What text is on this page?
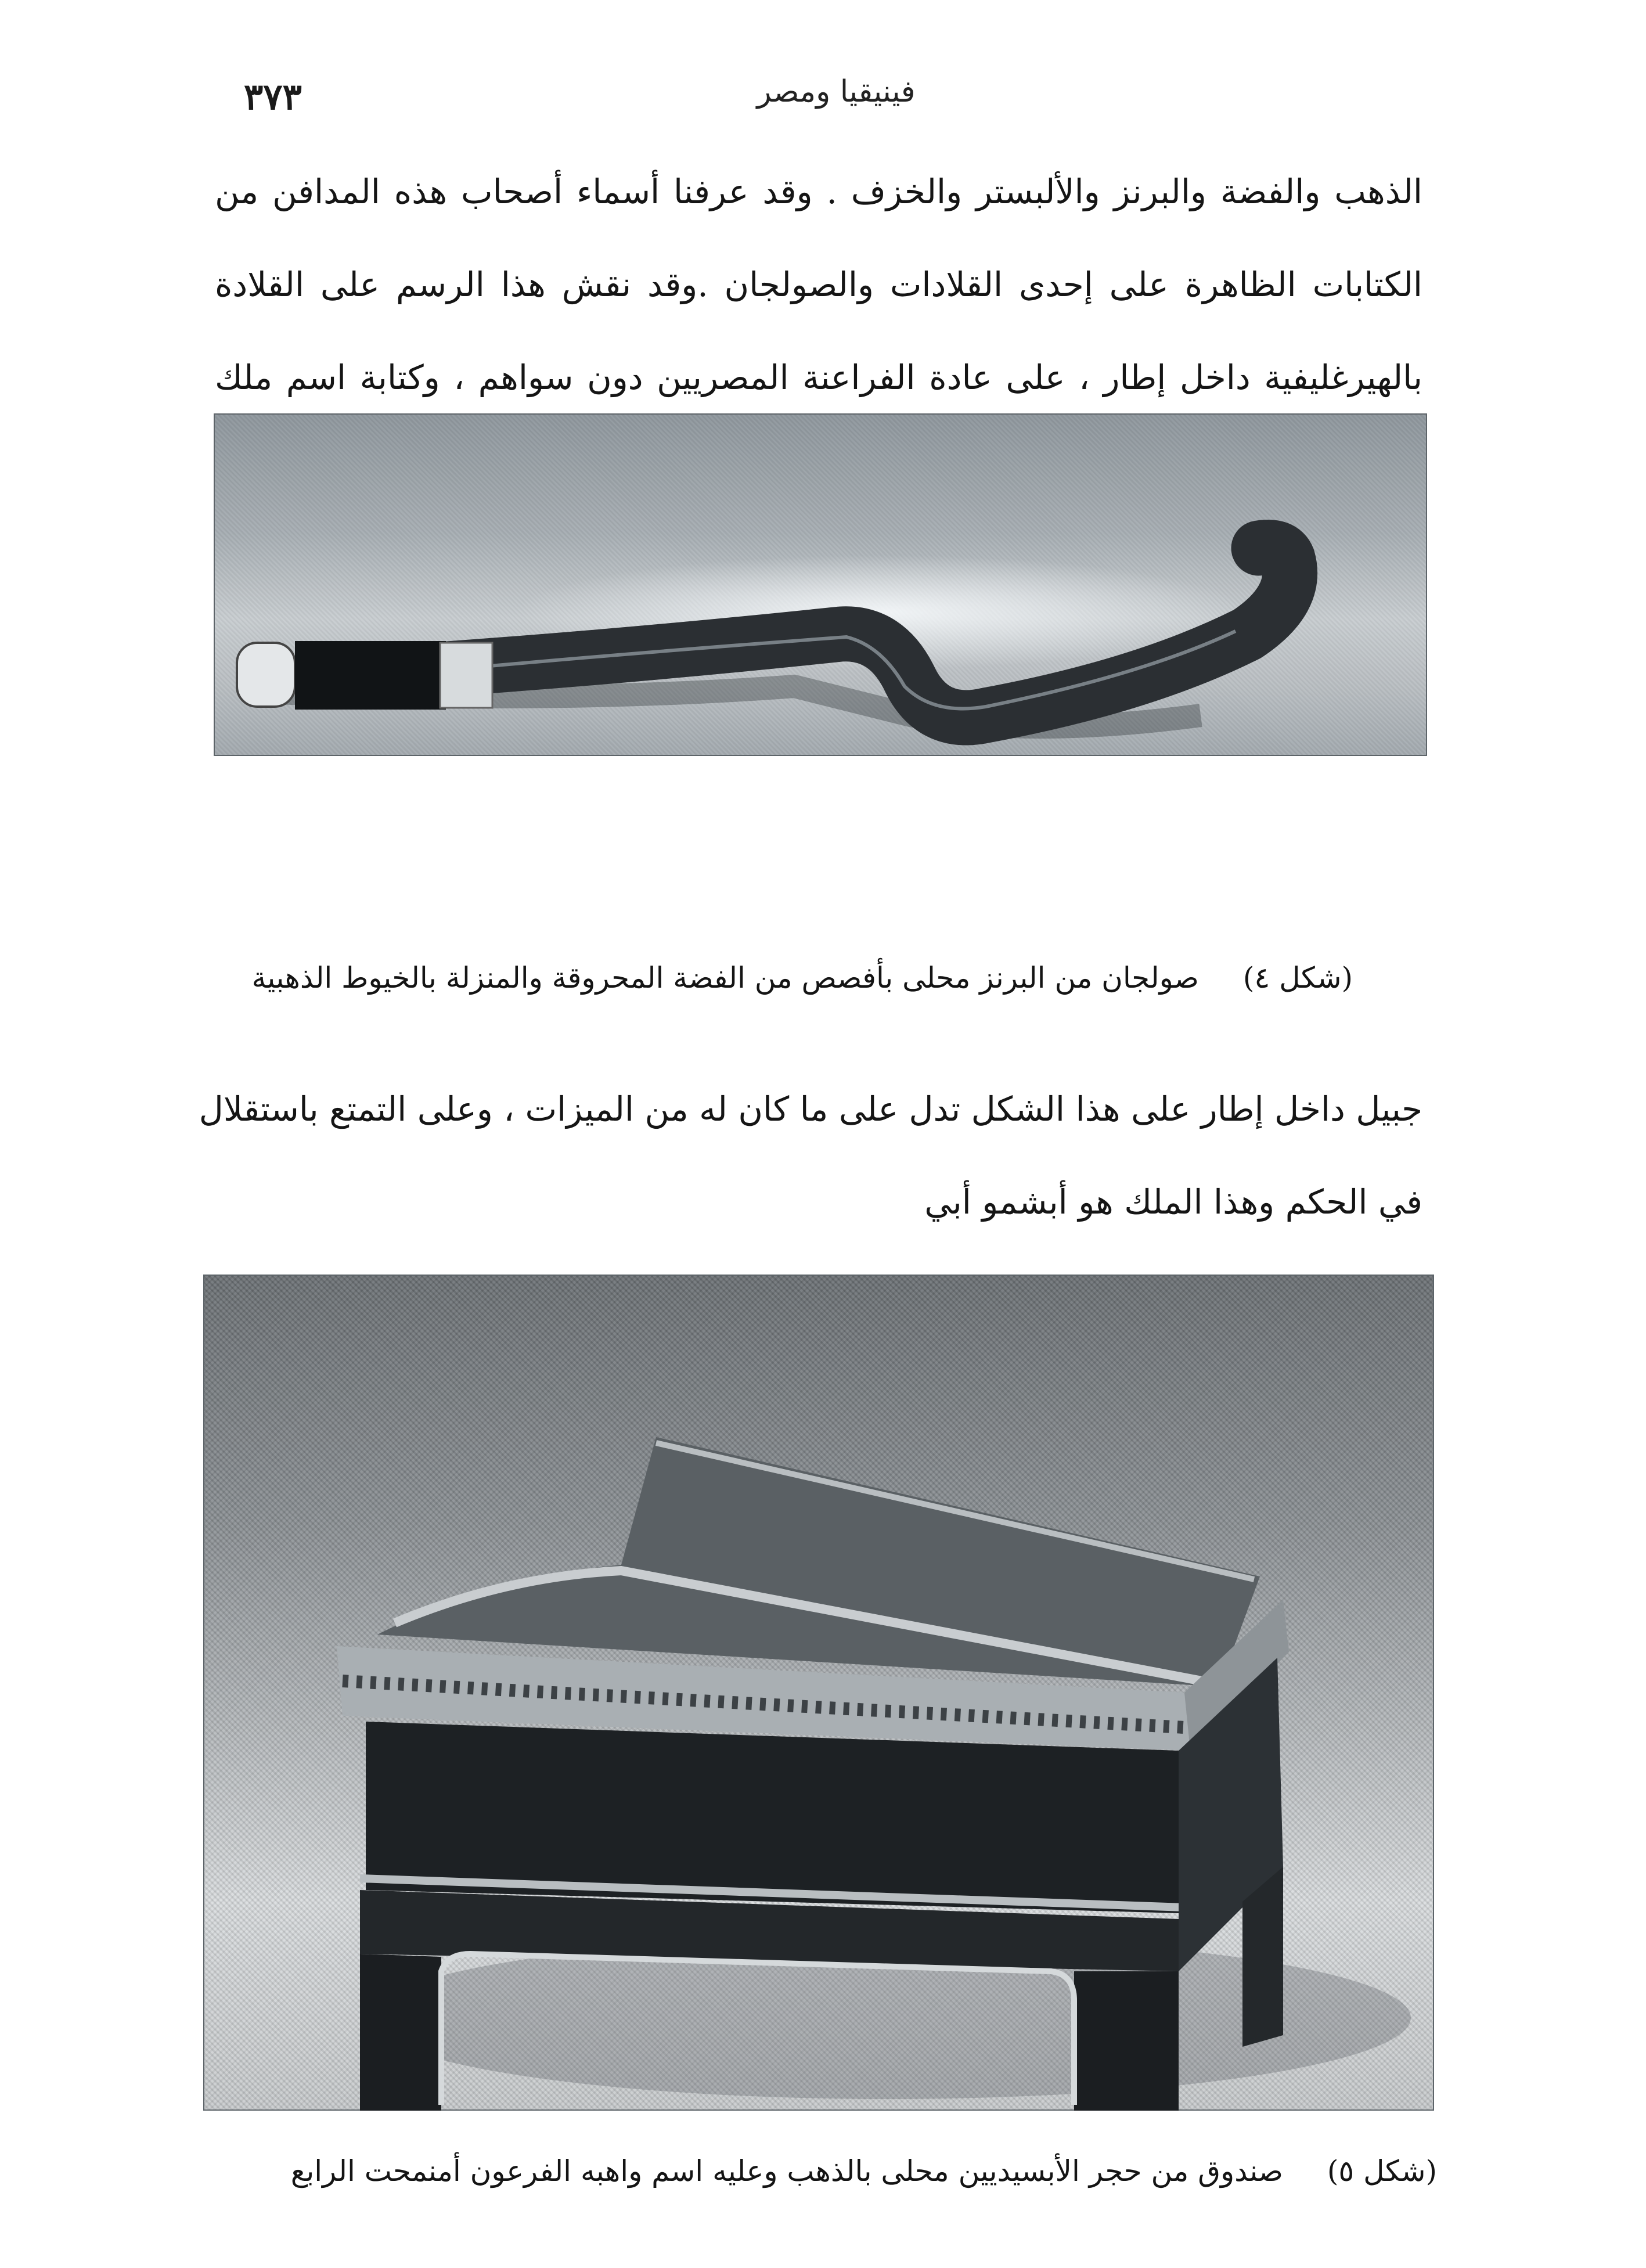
٣٧٣	فينيقيا ومصر
الذهب والفضة والبرنز والألبستر والخزف . وقد عرفنا أسماء أصحاب هذه المدافن من
الكتابات الظاهرة على إحدى القلادات والصولجان .وقد نقش هذا الرسم على القلادة
بالهيرغليفية داخل إطار ، على عادة الفراعنة المصريين دون سواهم ، وكتابة اسم ملك
(شكل ٤) صولجان من البرنز محلى بأفصص من الفضة المحروقة والمنزلة بالخيوط الذهبية
جبيل داخل إطار على هذا الشكل تدل على ما كان له من الميزات ، وعلى التمتع باستقلال
في الحكم وهذا الملك هو أبشمو أبي
(شكل ٥) صندوق من حجر الأبسيديين محلى بالذهب وعليه اسم واهبه الفرعون أمنمحت الرابع
